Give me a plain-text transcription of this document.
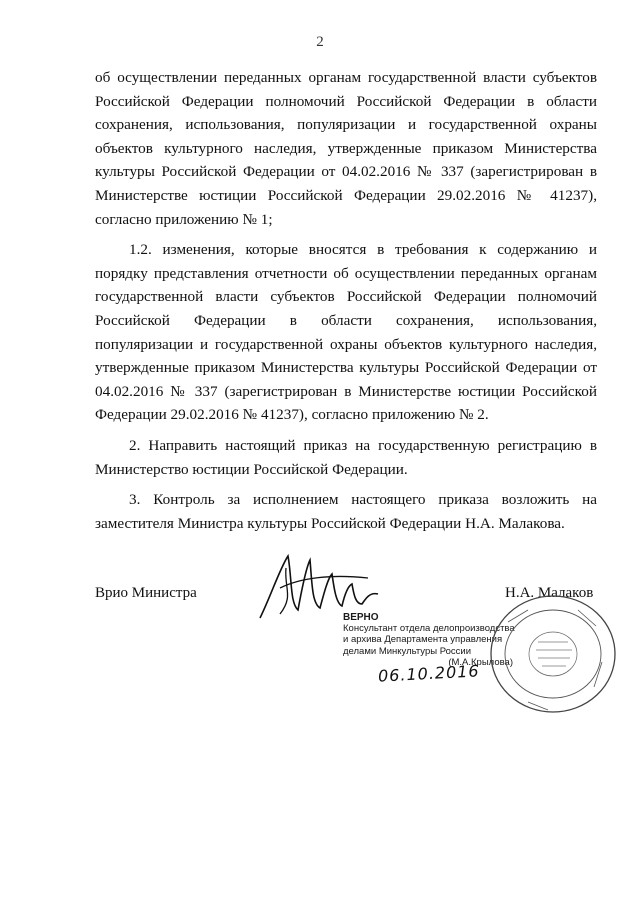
2

об осуществлении переданных органам государственной власти субъектов Российской Федерации полномочий Российской Федерации в области сохранения, использования, популяризации и государственной охраны объектов культурного наследия, утвержденные приказом Министерства культуры Российской Федерации от 04.02.2016 № 337 (зарегистрирован в Министерстве юстиции Российской Федерации 29.02.2016 № 41237), согласно приложению № 1;

1.2. изменения, которые вносятся в требования к содержанию и порядку представления отчетности об осуществлении переданных органам государственной власти субъектов Российской Федерации полномочий Российской Федерации в области сохранения, использования, популяризации и государственной охраны объектов культурного наследия, утвержденные приказом Министерства культуры Российской Федерации от 04.02.2016 № 337 (зарегистрирован в Министерстве юстиции Российской Федерации 29.02.2016 № 41237), согласно приложению № 2.

2. Направить настоящий приказ на государственную регистрацию в Министерство юстиции Российской Федерации.

3. Контроль за исполнением настоящего приказа возложить на заместителя Министра культуры Российской Федерации Н.А. Малакова.

Врио Министра	Н.А. Малаков
ВЕРНО
Консультант отдела делопроизводства
и архива Департамента управления
делами Минкультуры России
(М.А.Крылова)
06.10.2016
